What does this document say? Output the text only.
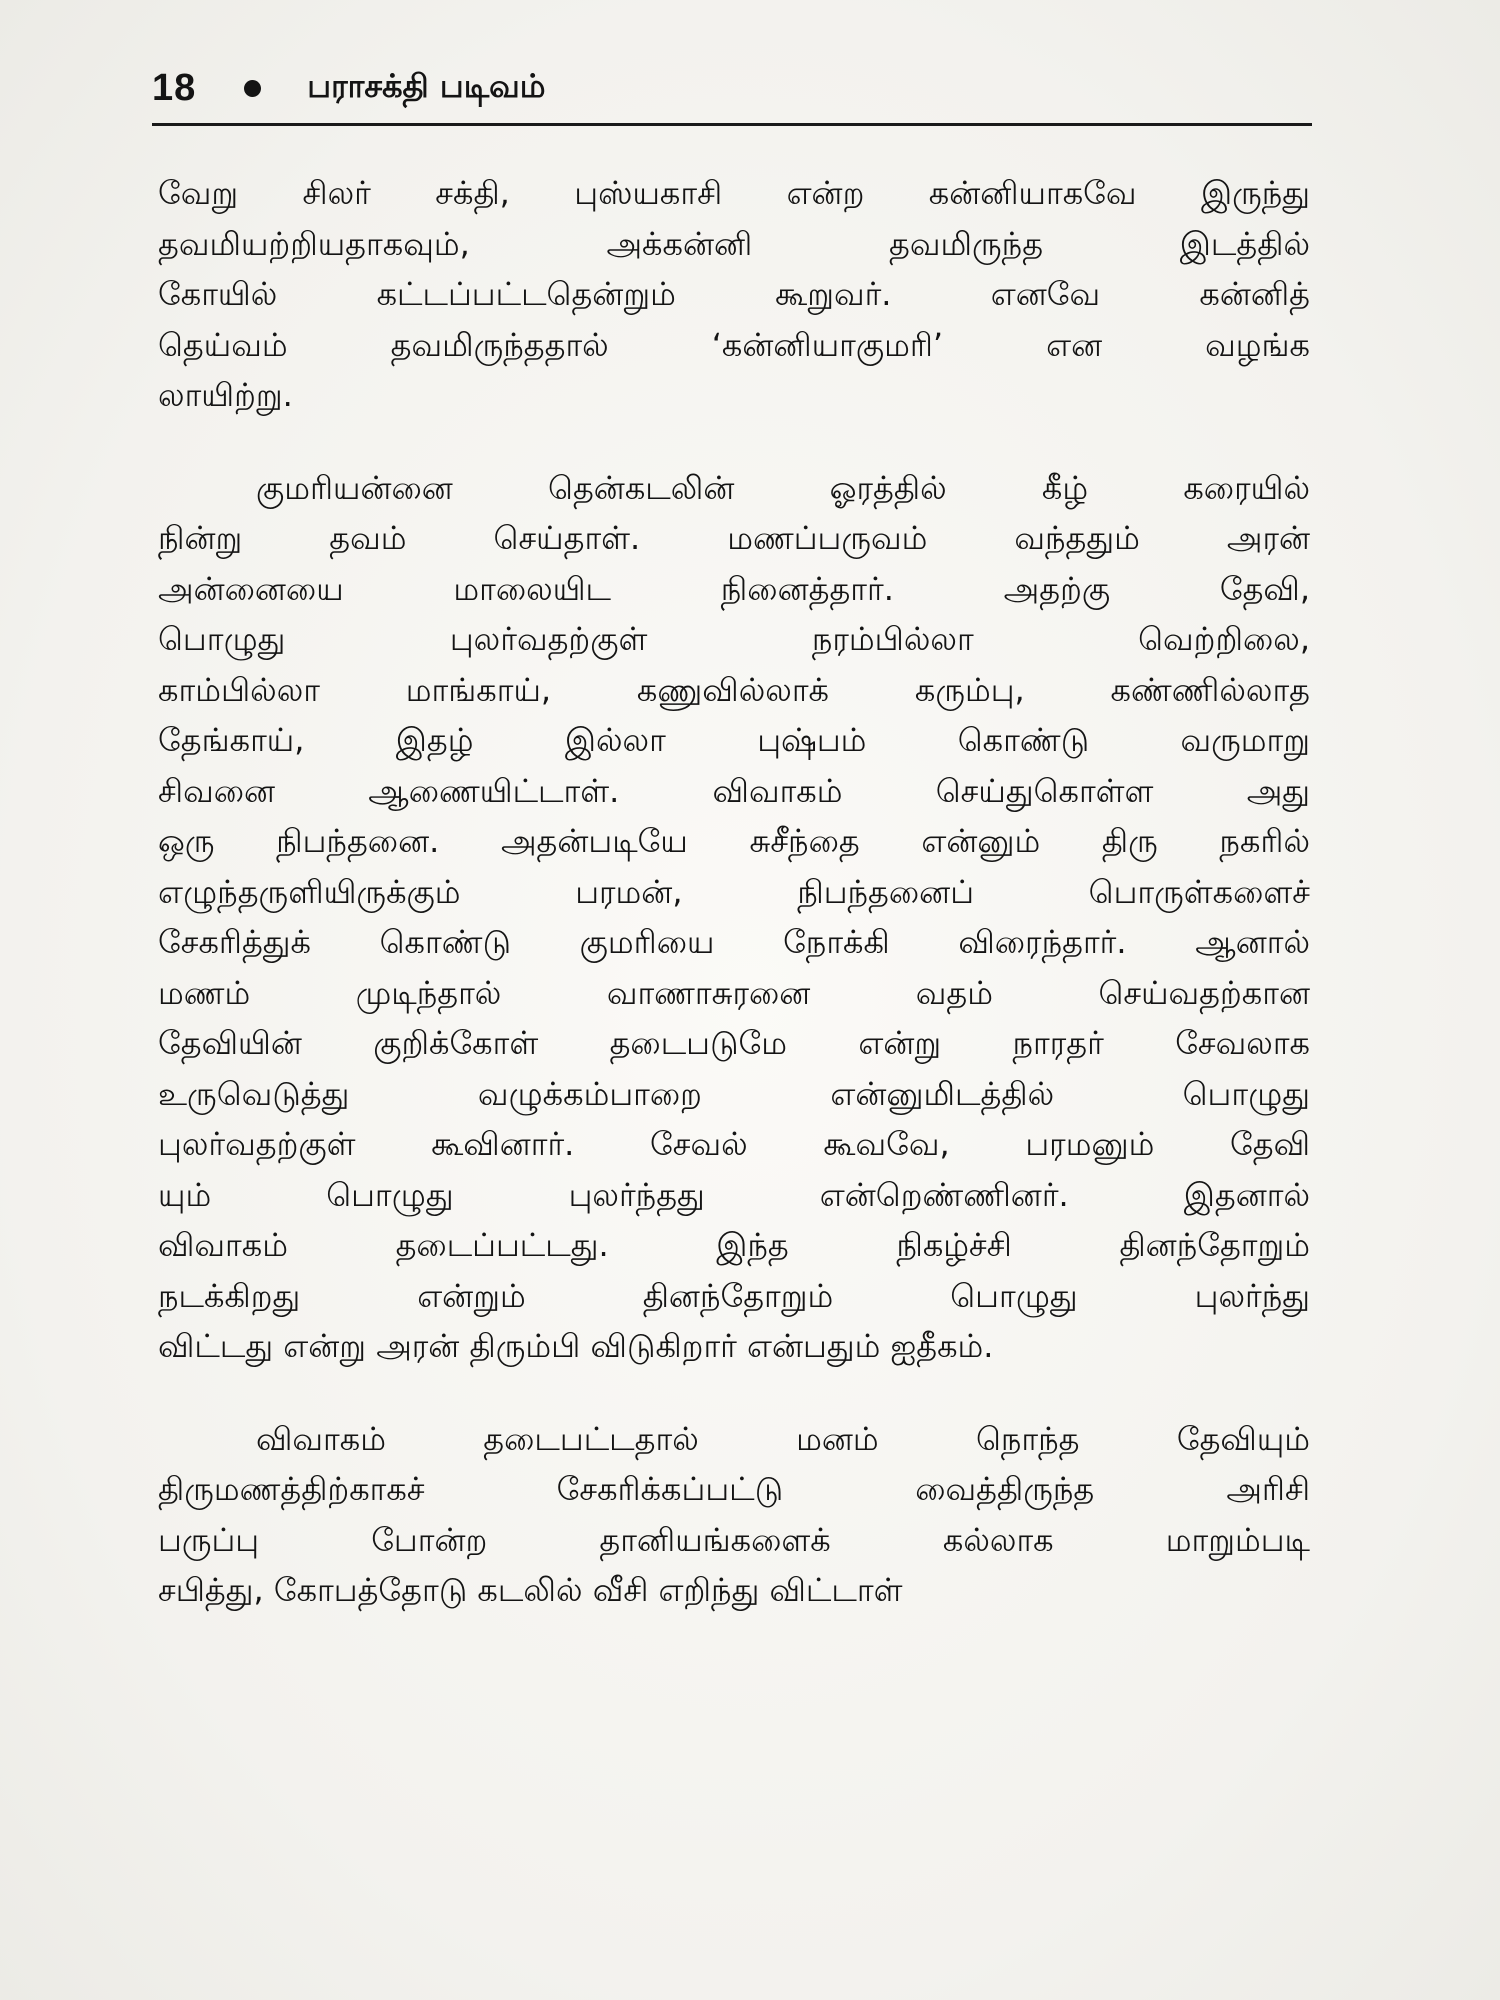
18	பராசக்தி படிவம்
வேறு சிலர் சக்தி, புஸ்யகாசி என்ற கன்னியாகவே இருந்து
தவமியற்றியதாகவும், அக்கன்னி தவமிருந்த இடத்தில்
கோயில் கட்டப்பட்டதென்றும் கூறுவர். எனவே கன்னித்
தெய்வம் தவமிருந்ததால் ‘கன்னியாகுமரி’ என வழங்க
லாயிற்று.
குமரியன்னை தென்கடலின் ஓரத்தில் கீழ் கரையில்
நின்று தவம் செய்தாள். மணப்பருவம் வந்ததும் அரன்
அன்னையை மாலையிட நினைத்தார். அதற்கு தேவி,
பொழுது புலர்வதற்குள் நரம்பில்லா வெற்றிலை,
காம்பில்லா மாங்காய், கணுவில்லாக் கரும்பு, கண்ணில்லாத
தேங்காய், இதழ் இல்லா புஷ்பம் கொண்டு வருமாறு
சிவனை ஆணையிட்டாள். விவாகம் செய்துகொள்ள அது
ஒரு நிபந்தனை. அதன்படியே சுசீந்தை என்னும் திரு நகரில்
எழுந்தருளியிருக்கும் பரமன், நிபந்தனைப் பொருள்களைச்
சேகரித்துக் கொண்டு குமரியை நோக்கி விரைந்தார். ஆனால்
மணம் முடிந்தால் வாணாசுரனை வதம் செய்வதற்கான
தேவியின் குறிக்கோள் தடைபடுமே என்று நாரதர் சேவலாக
உருவெடுத்து வழுக்கம்பாறை என்னுமிடத்தில் பொழுது
புலர்வதற்குள் கூவினார். சேவல் கூவவே, பரமனும் தேவி
யும் பொழுது புலர்ந்தது என்றெண்ணினர். இதனால்
விவாகம் தடைப்பட்டது. இந்த நிகழ்ச்சி தினந்தோறும்
நடக்கிறது என்றும் தினந்தோறும் பொழுது புலர்ந்து
விட்டது என்று அரன் திரும்பி விடுகிறார் என்பதும் ஐதீகம்.
விவாகம் தடைபட்டதால் மனம் நொந்த தேவியும்
திருமணத்திற்காகச் சேகரிக்கப்பட்டு வைத்திருந்த அரிசி
பருப்பு போன்ற தானியங்களைக் கல்லாக மாறும்படி
சபித்து, கோபத்தோடு கடலில் வீசி எறிந்து விட்டாள்
